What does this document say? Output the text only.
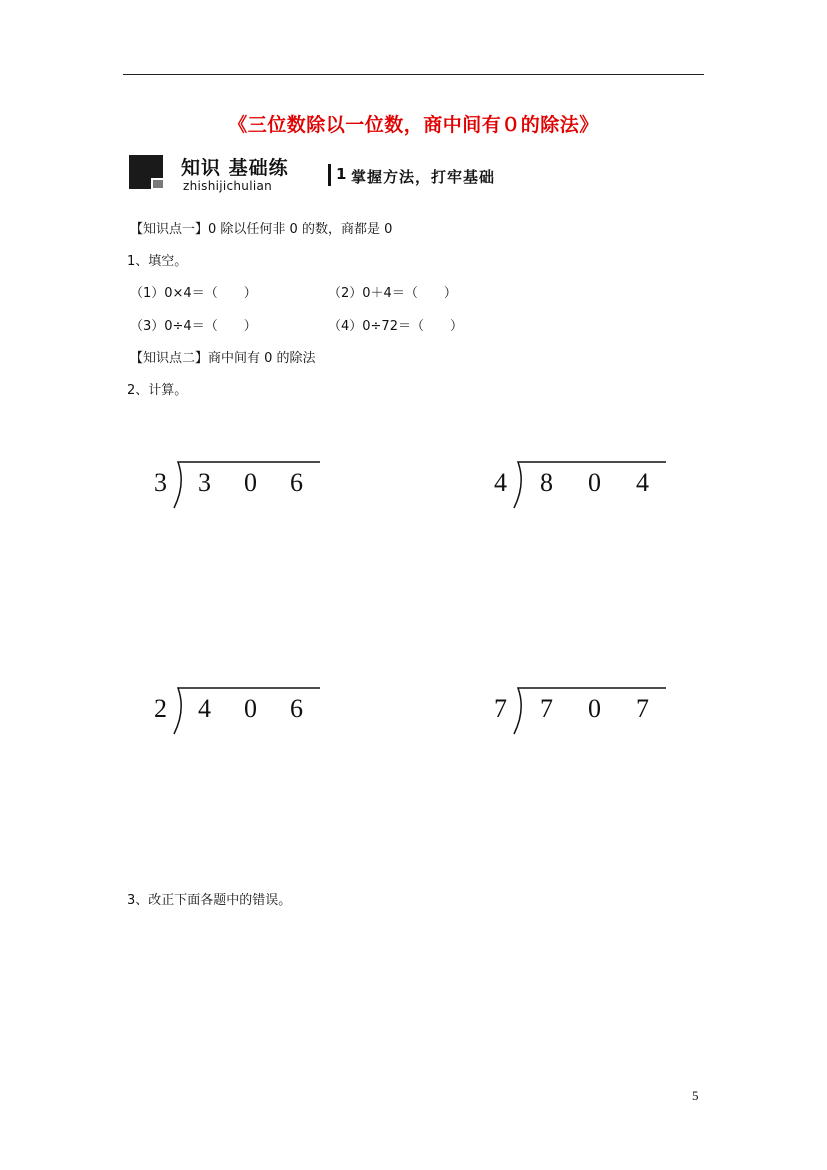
《三位数除以一位数，商中间有０的除法》
知识 基础练
zhishijichulian
1 掌握方法，打牢基础
【知识点一】0 除以任何非 0 的数，商都是 0
1、填空。
（1）0×4＝（　　）	（2）0＋4＝（　　）
（3）0÷4＝（　　）	（4）0÷72＝（　　）
【知识点二】商中间有 0 的除法
2、计算。
3 3 0 6	4 8 0 4
2 4 0 6	7 7 0 7
3、改正下面各题中的错误。
5
